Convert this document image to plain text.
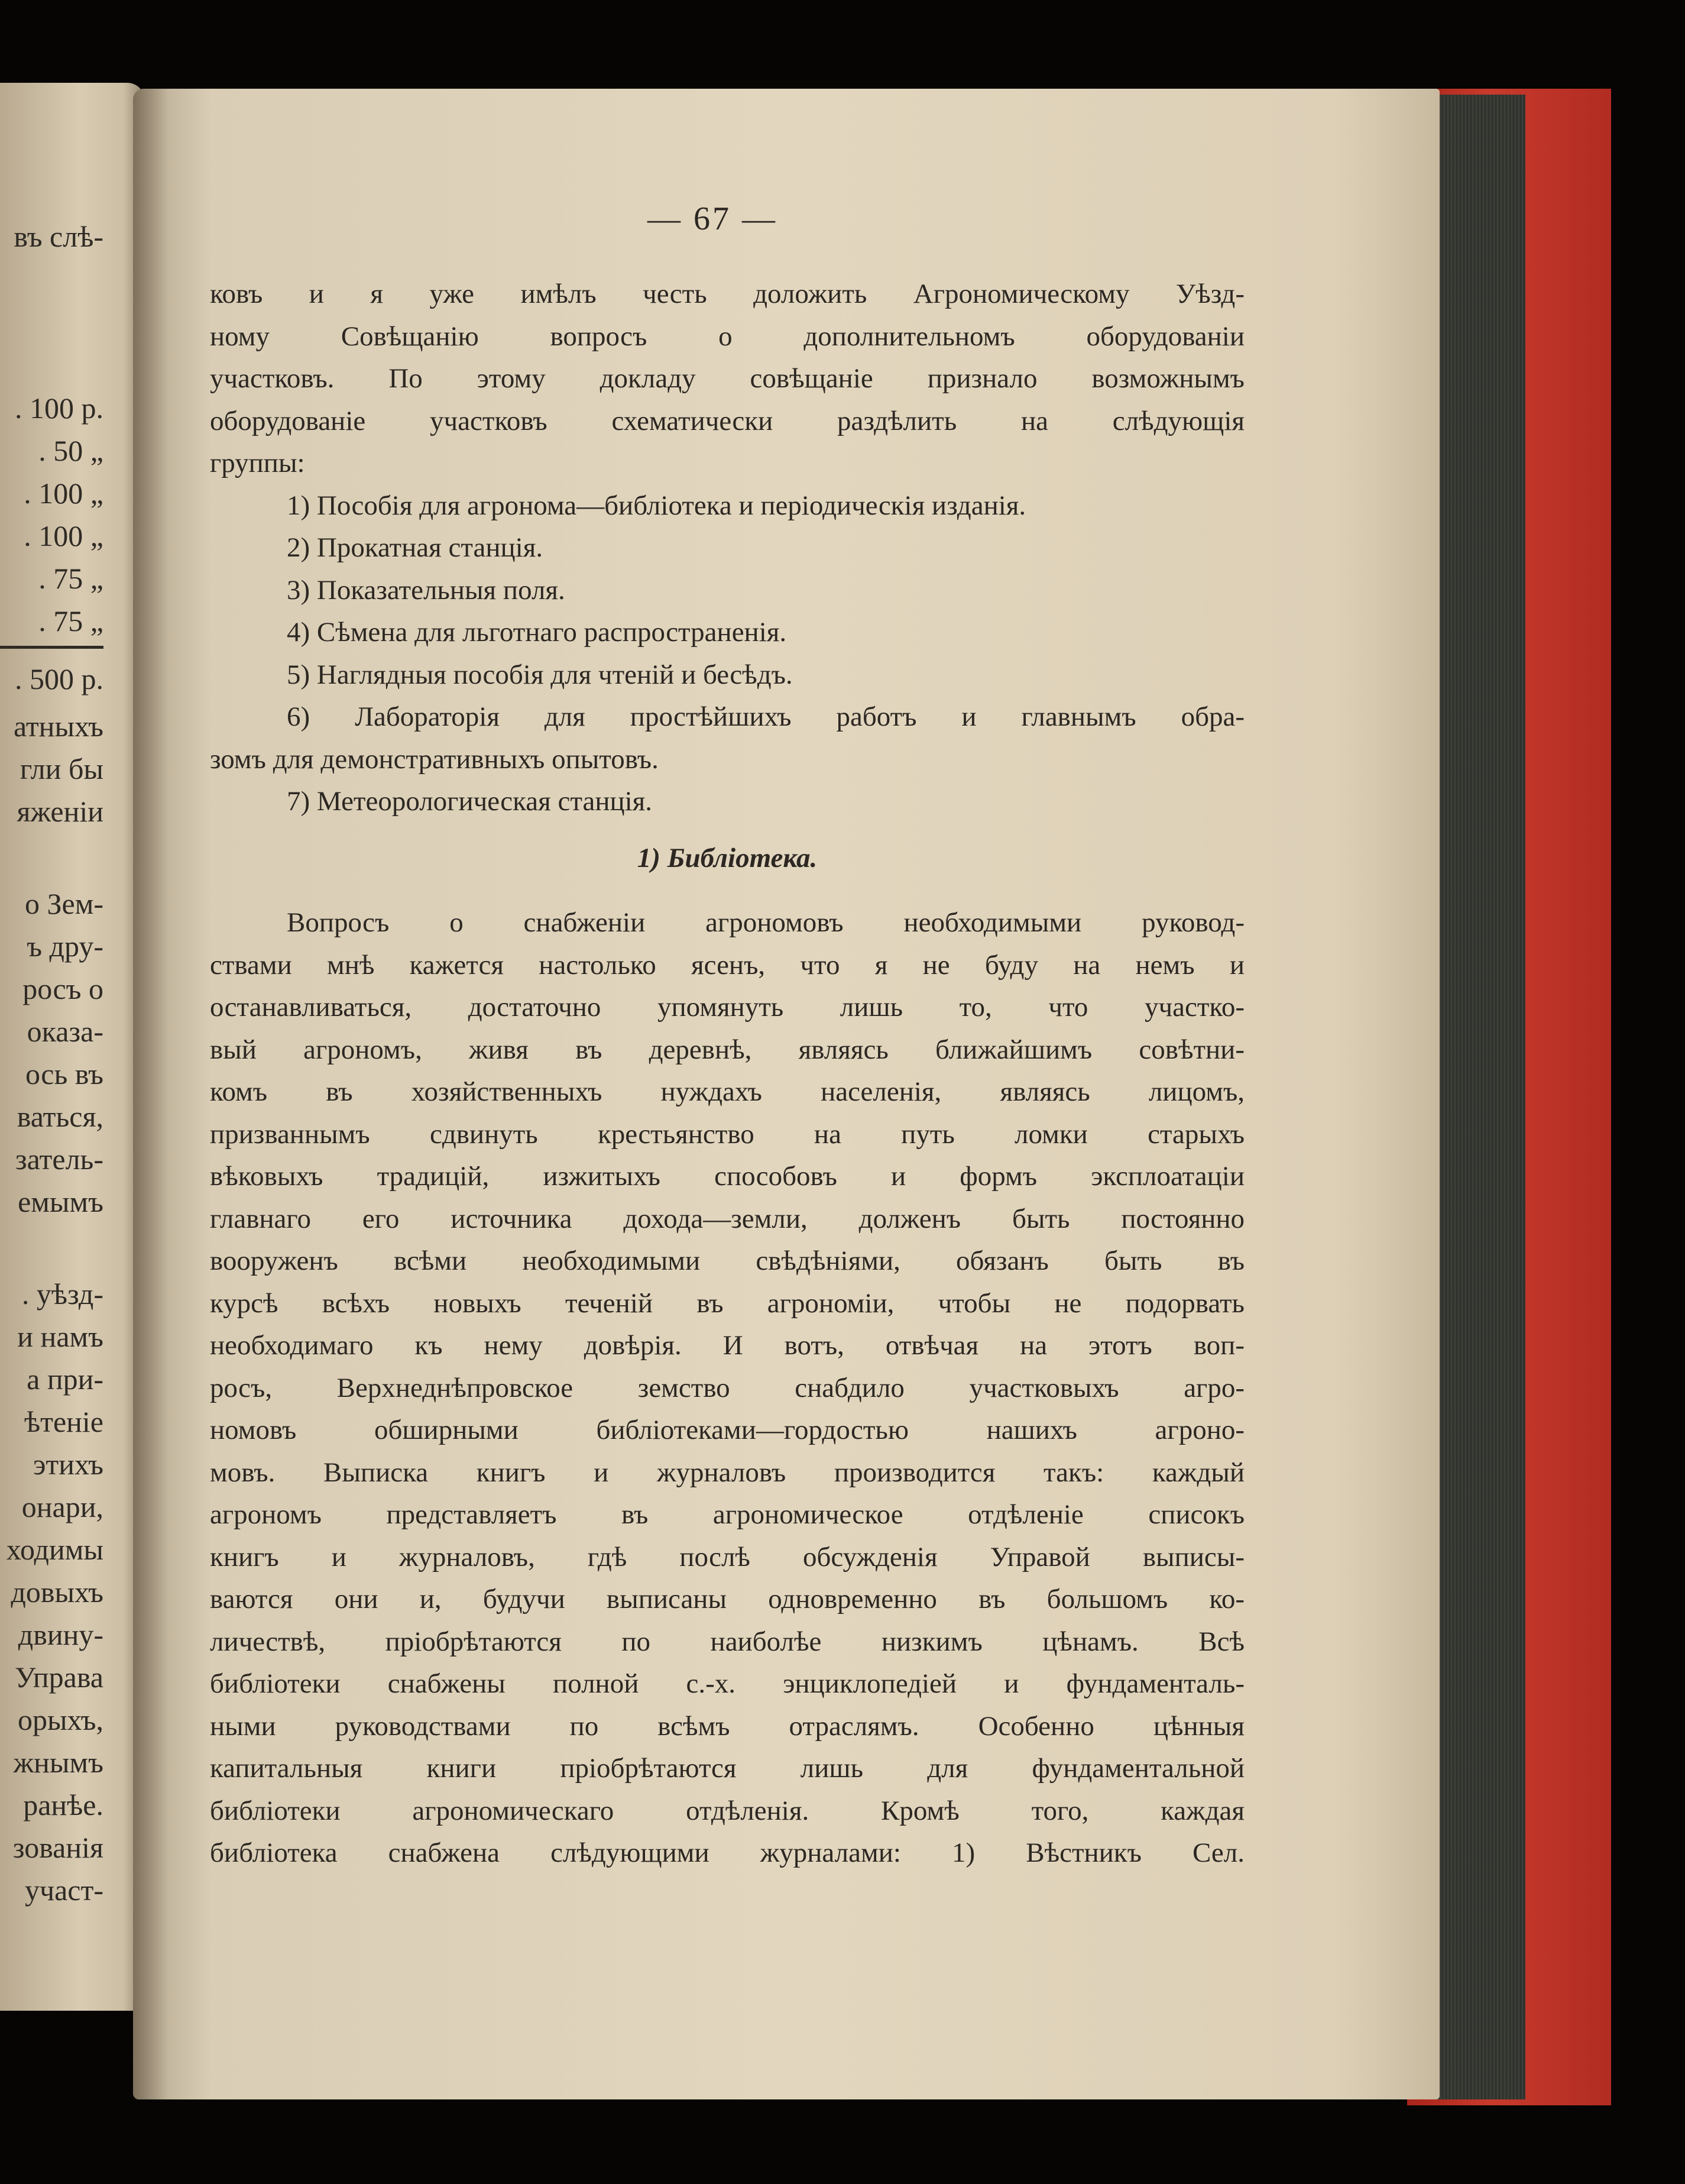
въ слѣ-
. 100 р.
. 50 „
. 100 „
. 100 „
. 75 „
. 75 „
. 500 р.
атныхъ
гли бы
яженіи
о Зем-
ъ дру-
росъ о
оказа-
ось въ
ваться,
затель-
емымъ
. уѣзд-
и намъ
а при-
ѣтеніе
этихъ
онари,
ходимы
довыхъ
двину-
Управа
орыхъ,
жнымъ
ранѣе.
зованія
участ-
— 67 —
ковъ и я уже имѣлъ честь доложить Агрономическому Уѣзд-
ному Совѣщанію вопросъ о дополнительномъ оборудованіи
участковъ. По этому докладу совѣщаніе признало возможнымъ
оборудованіе участковъ схематически раздѣлить на слѣдующія
группы:
1) Пособія для агронома—библіотека и періодическія изданія.
2) Прокатная станція.
3) Показательныя поля.
4) Сѣмена для льготнаго распространенія.
5) Наглядныя пособія для чтеній и бесѣдъ.
6) Лабораторія для простѣйшихъ работъ и главнымъ обра-
зомъ для демонстративныхъ опытовъ.
7) Метеорологическая станція.
1) Библіотека.
Вопросъ о снабженіи агрономовъ необходимыми руковод-
ствами мнѣ кажется настолько ясенъ, что я не буду на немъ и
останавливаться, достаточно упомянуть лишь то, что участко-
вый агрономъ, живя въ деревнѣ, являясь ближайшимъ совѣтни-
комъ въ хозяйственныхъ нуждахъ населенія, являясь лицомъ,
призваннымъ сдвинуть крестьянство на путь ломки старыхъ
вѣковыхъ традицій, изжитыхъ способовъ и формъ эксплоатаціи
главнаго его источника дохода—земли, долженъ быть постоянно
вооруженъ всѣми необходимыми свѣдѣніями, обязанъ быть въ
курсѣ всѣхъ новыхъ теченій въ агрономіи, чтобы не подорвать
необходимаго къ нему довѣрія. И вотъ, отвѣчая на этотъ воп-
росъ, Верхнеднѣпровское земство снабдило участковыхъ агро-
номовъ обширными библіотеками—гордостью нашихъ агроно-
мовъ. Выписка книгъ и журналовъ производится такъ: каждый
агрономъ представляетъ въ агрономическое отдѣленіе списокъ
книгъ и журналовъ, гдѣ послѣ обсужденія Управой выписы-
ваются они и, будучи выписаны одновременно въ большомъ ко-
личествѣ, пріобрѣтаются по наиболѣе низкимъ цѣнамъ. Всѣ
библіотеки снабжены полной с.-х. энциклопедіей и фундаменталь-
ными руководствами по всѣмъ отраслямъ. Особенно цѣнныя
капитальныя книги пріобрѣтаются лишь для фундаментальной
библіотеки агрономическаго отдѣленія. Кромѣ того, каждая
библіотека снабжена слѣдующими журналами: 1) Вѣстникъ Сел.
